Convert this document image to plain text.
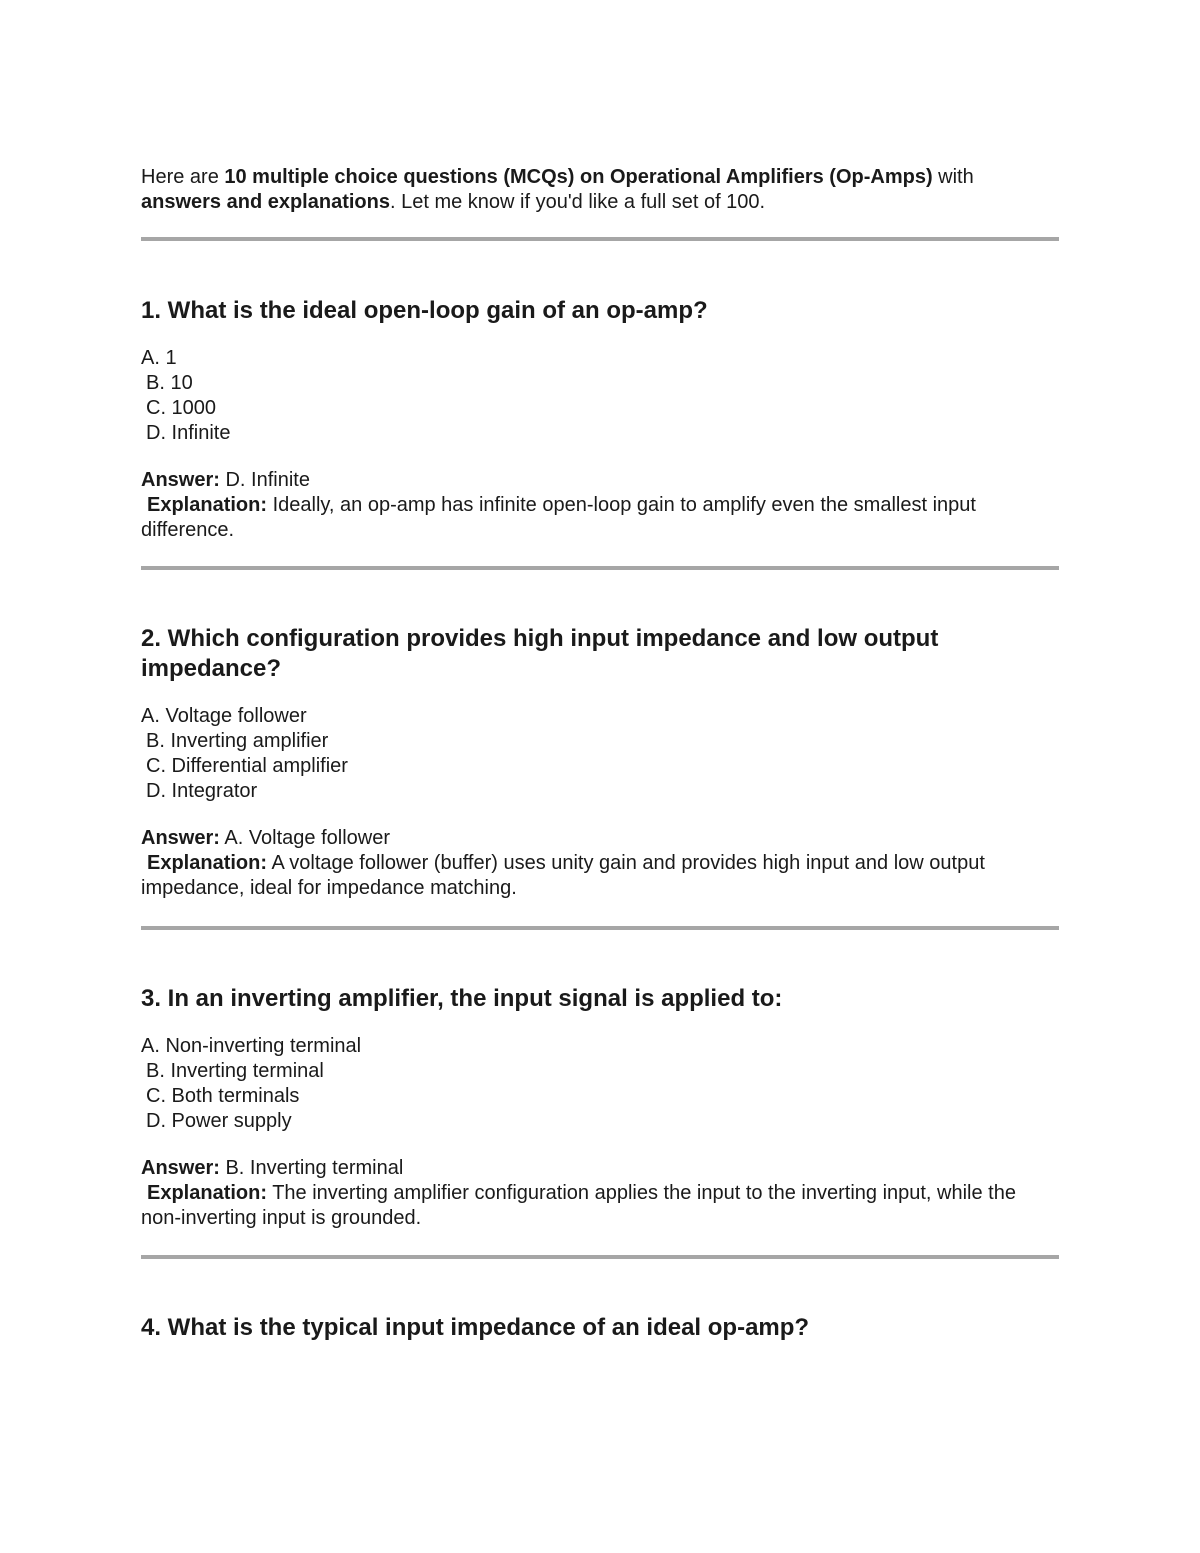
Here are 10 multiple choice questions (MCQs) on Operational Amplifiers (Op-Amps) with answers and explanations. Let me know if you'd like a full set of 100.
1. What is the ideal open-loop gain of an op-amp?
A. 1
B. 10
C. 1000
D. Infinite
Answer: D. Infinite
Explanation: Ideally, an op-amp has infinite open-loop gain to amplify even the smallest input difference.
2. Which configuration provides high input impedance and low output impedance?
A. Voltage follower
B. Inverting amplifier
C. Differential amplifier
D. Integrator
Answer: A. Voltage follower
Explanation: A voltage follower (buffer) uses unity gain and provides high input and low output impedance, ideal for impedance matching.
3. In an inverting amplifier, the input signal is applied to:
A. Non-inverting terminal
B. Inverting terminal
C. Both terminals
D. Power supply
Answer: B. Inverting terminal
Explanation: The inverting amplifier configuration applies the input to the inverting input, while the non-inverting input is grounded.
4. What is the typical input impedance of an ideal op-amp?
